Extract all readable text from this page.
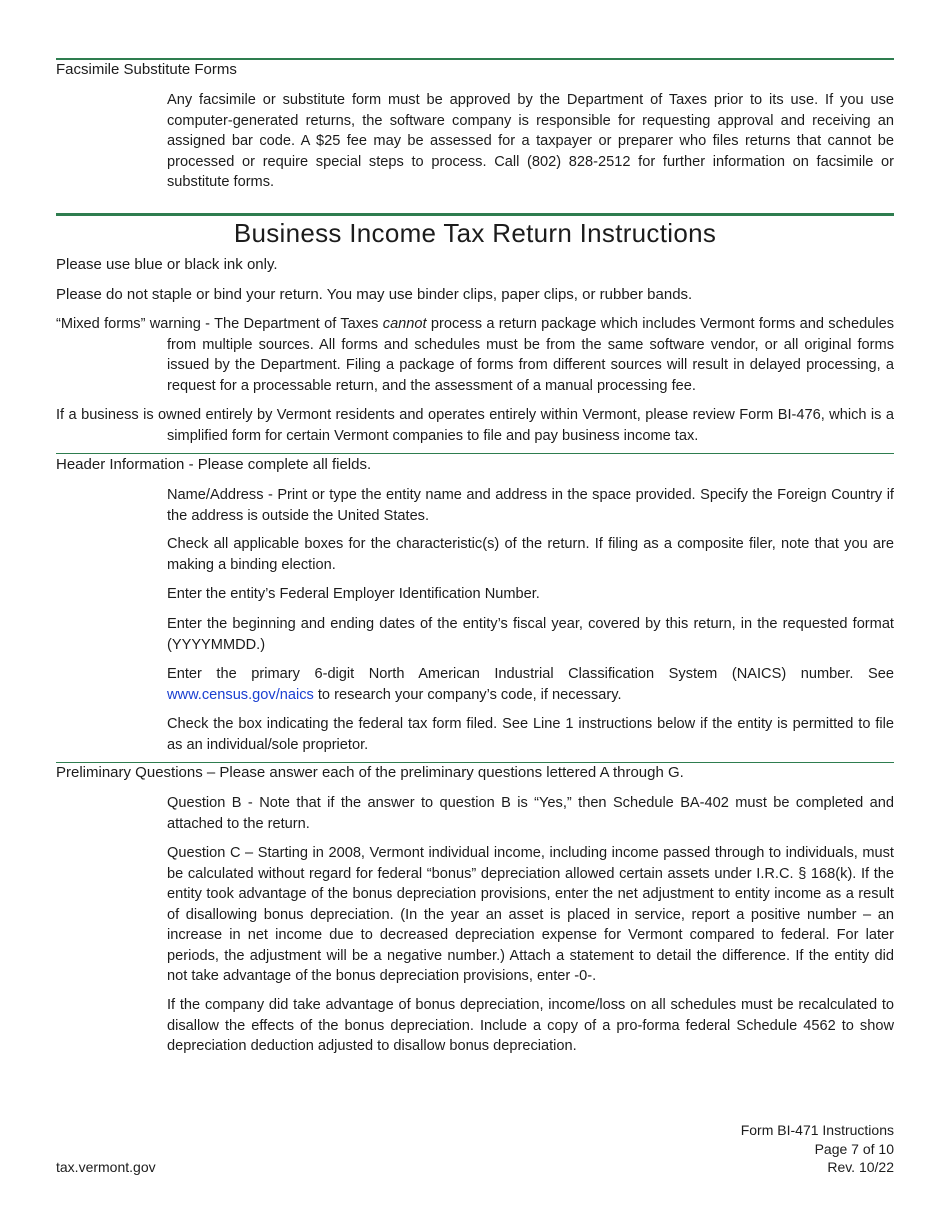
Facsimile Substitute Forms

Any facsimile or substitute form must be approved by the Department of Taxes prior to its use. If you use computer-generated returns, the software company is responsible for requesting approval and receiving an assigned bar code. A $25 fee may be assessed for a taxpayer or preparer who files returns that cannot be processed or require special steps to process. Call (802) 828-2512 for further information on facsimile or substitute forms.

Business Income Tax Return Instructions
Please use blue or black ink only.
Please do not staple or bind your return. You may use binder clips, paper clips, or rubber bands.

“Mixed forms” warning - The Department of Taxes cannot process a return package which includes Vermont forms and schedules from multiple sources. All forms and schedules must be from the same software vendor, or all original forms issued by the Department. Filing a package of forms from different sources will result in delayed processing, a request for a processable return, and the assessment of a manual processing fee.

If a business is owned entirely by Vermont residents and operates entirely within Vermont, please review Form BI-476, which is a simplified form for certain Vermont companies to file and pay business income tax.

Header Information - Please complete all fields.

Name/Address - Print or type the entity name and address in the space provided. Specify the Foreign Country if the address is outside the United States.

Check all applicable boxes for the characteristic(s) of the return. If filing as a composite filer, note that you are making a binding election.

Enter the entity’s Federal Employer Identification Number.

Enter the beginning and ending dates of the entity’s fiscal year, covered by this return, in the requested format (YYYYMMDD.)

Enter the primary 6-digit North American Industrial Classification System (NAICS) number. See www.census.gov/naics to research your company’s code, if necessary.

Check the box indicating the federal tax form filed. See Line 1 instructions below if the entity is permitted to file as an individual/sole proprietor.

Preliminary Questions – Please answer each of the preliminary questions lettered A through G.

Question B - Note that if the answer to question B is “Yes,” then Schedule BA-402 must be completed and attached to the return.

Question C – Starting in 2008, Vermont individual income, including income passed through to individuals, must be calculated without regard for federal “bonus” depreciation allowed certain assets under I.R.C. § 168(k). If the entity took advantage of the bonus depreciation provisions, enter the net adjustment to entity income as a result of disallowing bonus depreciation. (In the year an asset is placed in service, report a positive number – an increase in net income due to decreased depreciation expense for Vermont compared to federal. For later periods, the adjustment will be a negative number.) Attach a statement to detail the difference. If the entity did not take advantage of the bonus depreciation provisions, enter -0-.

If the company did take advantage of bonus depreciation, income/loss on all schedules must be recalculated to disallow the effects of the bonus depreciation. Include a copy of a pro-forma federal Schedule 4562 to show depreciation deduction adjusted to disallow bonus depreciation.

Form BI-471 Instructions
Page 7 of 10
Rev. 10/22
tax.vermont.gov
